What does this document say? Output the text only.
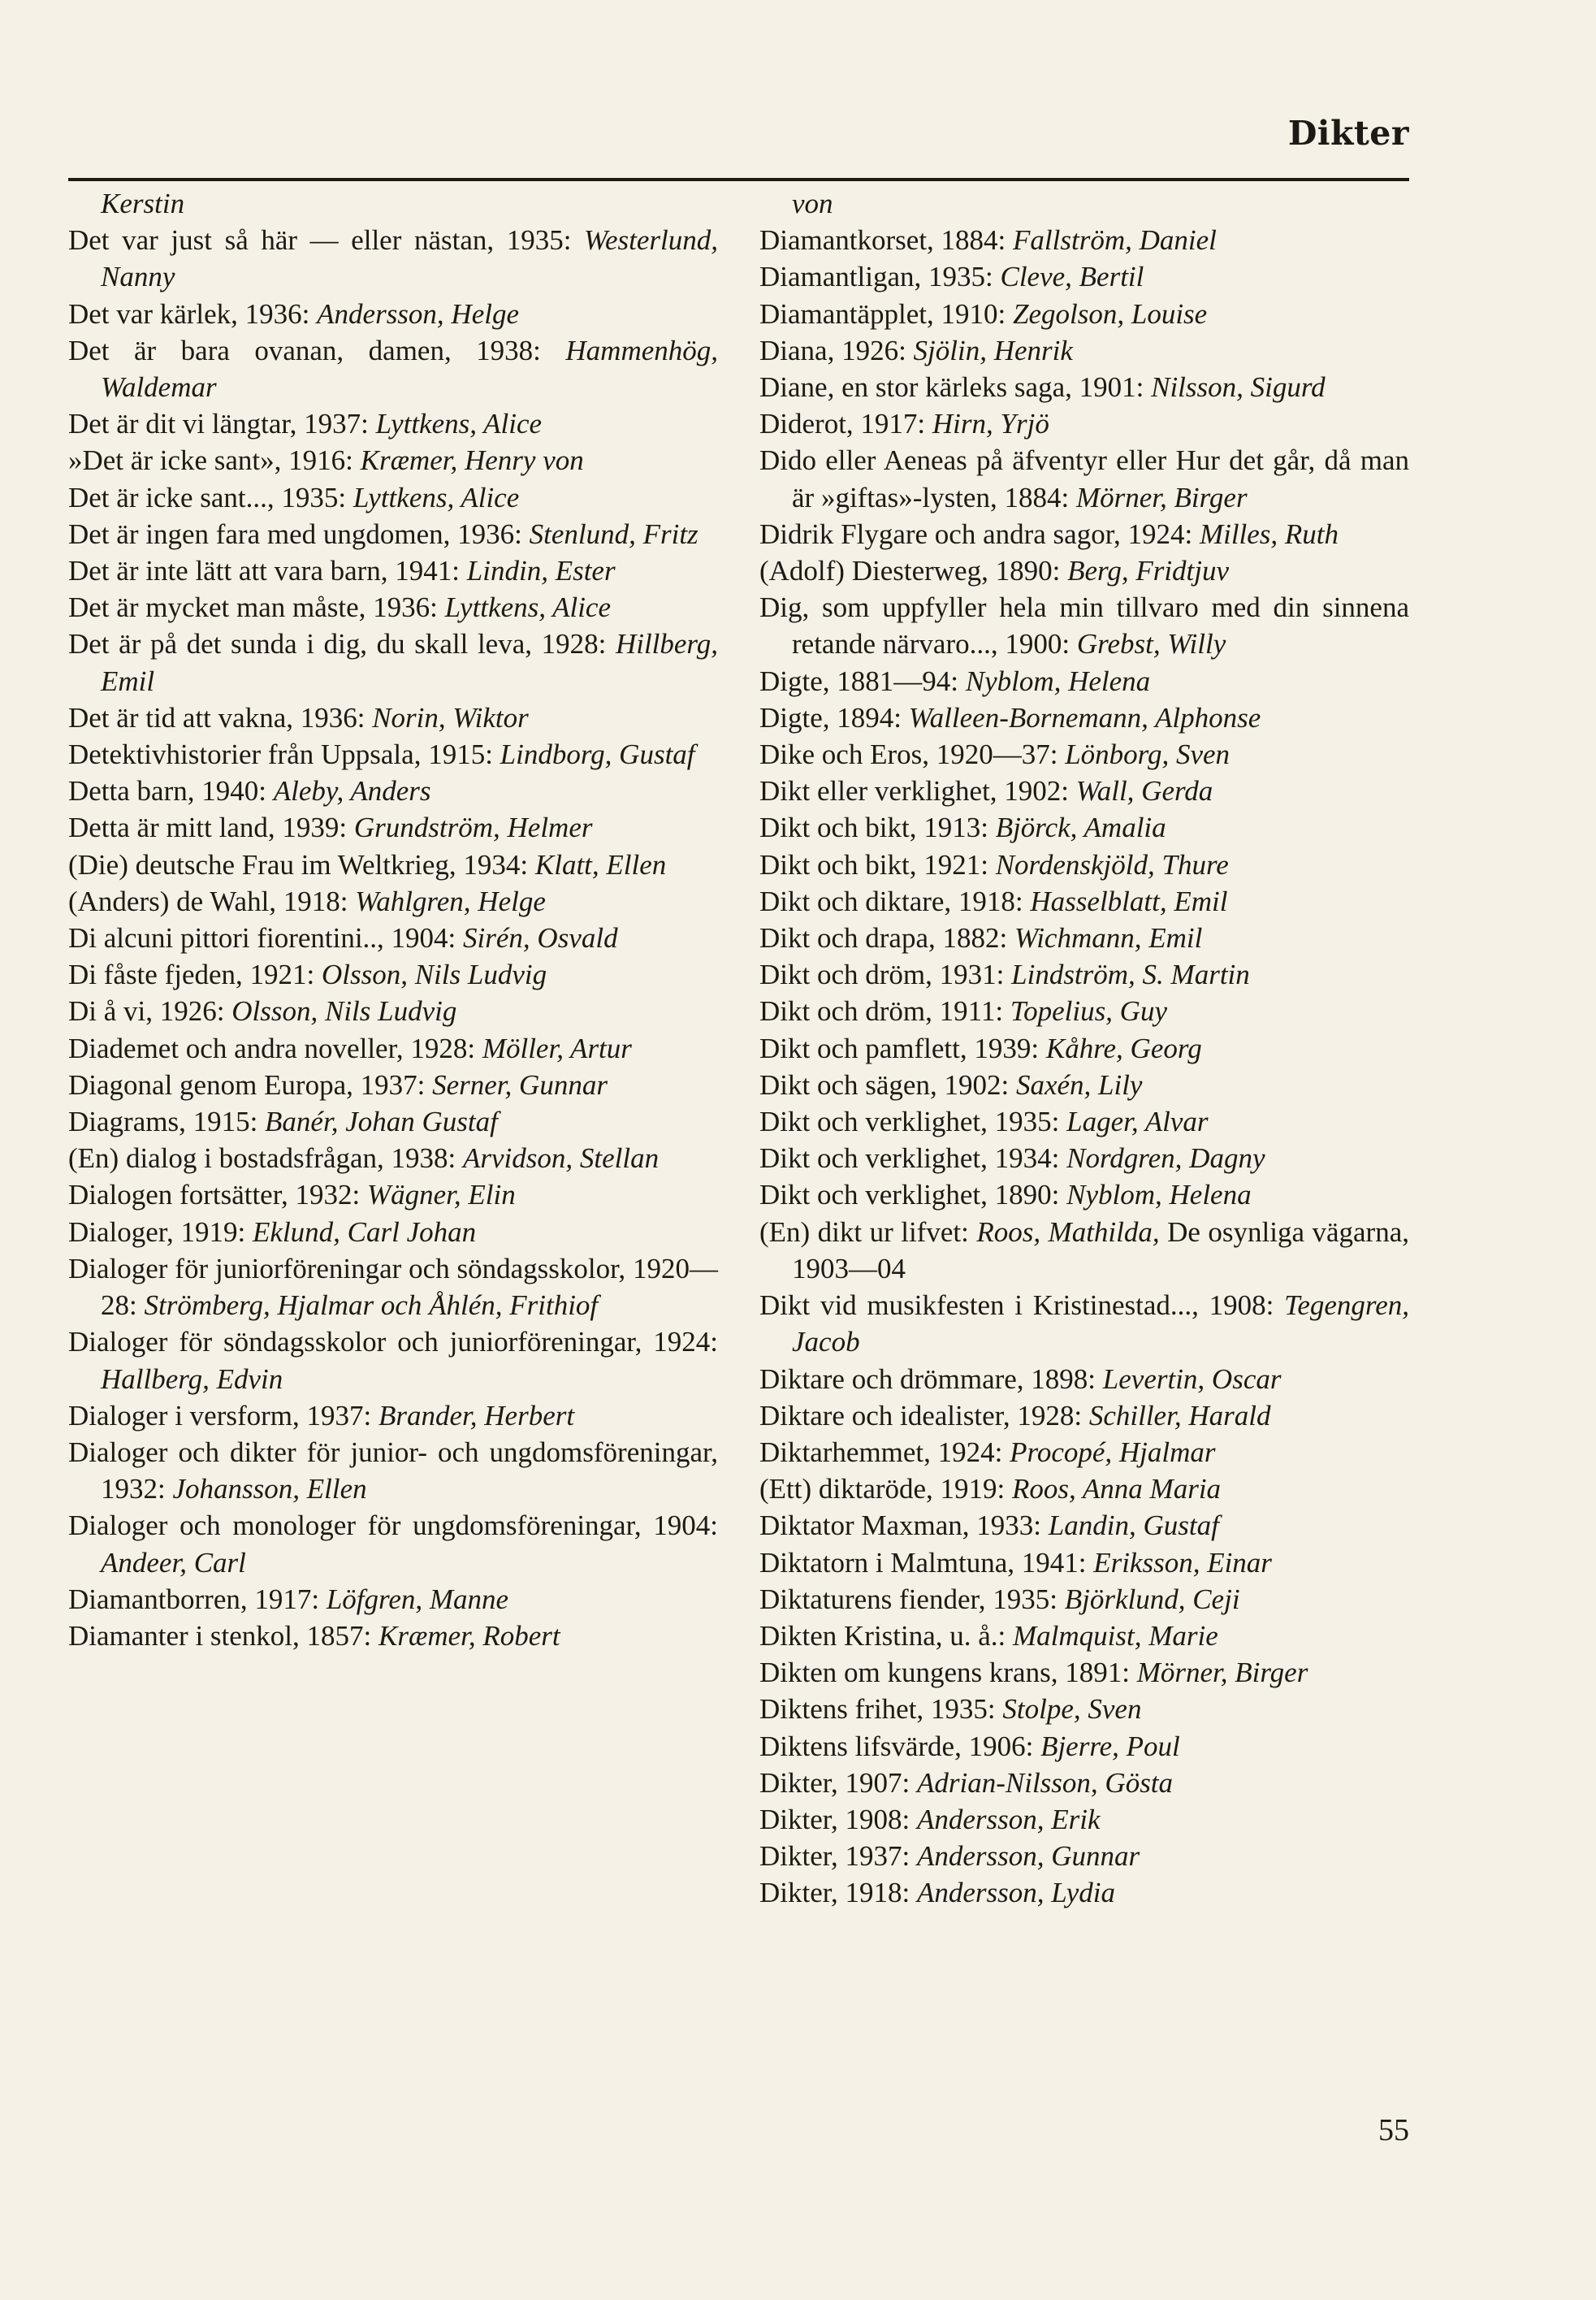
Dikter
Kerstin
Det var just så här — eller nästan, 1935: Westerlund, Nanny
Det var kärlek, 1936: Andersson, Helge
Det är bara ovanan, damen, 1938: Hammenhög, Waldemar
Det är dit vi längtar, 1937: Lyttkens, Alice
»Det är icke sant», 1916: Kræmer, Henry von
Det är icke sant..., 1935: Lyttkens, Alice
Det är ingen fara med ungdomen, 1936: Stenlund, Fritz
Det är inte lätt att vara barn, 1941: Lindin, Ester
Det är mycket man måste, 1936: Lyttkens, Alice
Det är på det sunda i dig, du skall leva, 1928: Hillberg, Emil
Det är tid att vakna, 1936: Norin, Wiktor
Detektivhistorier från Uppsala, 1915: Lindborg, Gustaf
Detta barn, 1940: Aleby, Anders
Detta är mitt land, 1939: Grundström, Helmer
(Die) deutsche Frau im Weltkrieg, 1934: Klatt, Ellen
(Anders) de Wahl, 1918: Wahlgren, Helge
Di alcuni pittori fiorentini.., 1904: Sirén, Osvald
Di fåste fjeden, 1921: Olsson, Nils Ludvig
Di å vi, 1926: Olsson, Nils Ludvig
Diademet och andra noveller, 1928: Möller, Artur
Diagonal genom Europa, 1937: Serner, Gunnar
Diagrams, 1915: Banér, Johan Gustaf
(En) dialog i bostadsfrågan, 1938: Arvidson, Stellan
Dialogen fortsätter, 1932: Wägner, Elin
Dialoger, 1919: Eklund, Carl Johan
Dialoger för juniorföreningar och söndagsskolor, 1920—28: Strömberg, Hjalmar och Åhlén, Frithiof
Dialoger för söndagsskolor och juniorföreningar, 1924: Hallberg, Edvin
Dialoger i versform, 1937: Brander, Herbert
Dialoger och dikter för junior- och ungdomsföreningar, 1932: Johansson, Ellen
Dialoger och monologer för ungdomsföreningar, 1904: Andeer, Carl
Diamantborren, 1917: Löfgren, Manne
Diamanter i stenkol, 1857: Kræmer, Robert
von
Diamantkorset, 1884: Fallström, Daniel
Diamantligan, 1935: Cleve, Bertil
Diamantäpplet, 1910: Zegolson, Louise
Diana, 1926: Sjölin, Henrik
Diane, en stor kärleks saga, 1901: Nilsson, Sigurd
Diderot, 1917: Hirn, Yrjö
Dido eller Aeneas på äfventyr eller Hur det går, då man är »giftas»-lysten, 1884: Mörner, Birger
Didrik Flygare och andra sagor, 1924: Milles, Ruth
(Adolf) Diesterweg, 1890: Berg, Fridtjuv
Dig, som uppfyller hela min tillvaro med din sinnena retande närvaro..., 1900: Grebst, Willy
Digte, 1881—94: Nyblom, Helena
Digte, 1894: Walleen-Bornemann, Alphonse
Dike och Eros, 1920—37: Lönborg, Sven
Dikt eller verklighet, 1902: Wall, Gerda
Dikt och bikt, 1913: Björck, Amalia
Dikt och bikt, 1921: Nordenskjöld, Thure
Dikt och diktare, 1918: Hasselblatt, Emil
Dikt och drapa, 1882: Wichmann, Emil
Dikt och dröm, 1931: Lindström, S. Martin
Dikt och dröm, 1911: Topelius, Guy
Dikt och pamflett, 1939: Kåhre, Georg
Dikt och sägen, 1902: Saxén, Lily
Dikt och verklighet, 1935: Lager, Alvar
Dikt och verklighet, 1934: Nordgren, Dagny
Dikt och verklighet, 1890: Nyblom, Helena
(En) dikt ur lifvet: Roos, Mathilda, De osynliga vägarna, 1903—04
Dikt vid musikfesten i Kristinestad..., 1908: Tegengren, Jacob
Diktare och drömmare, 1898: Levertin, Oscar
Diktare och idealister, 1928: Schiller, Harald
Diktarhemmet, 1924: Procopé, Hjalmar
(Ett) diktaröde, 1919: Roos, Anna Maria
Diktator Maxman, 1933: Landin, Gustaf
Diktatorn i Malmtuna, 1941: Eriksson, Einar
Diktaturens fiender, 1935: Björklund, Ceji
Dikten Kristina, u. å.: Malmquist, Marie
Dikten om kungens krans, 1891: Mörner, Birger
Diktens frihet, 1935: Stolpe, Sven
Diktens lifsvärde, 1906: Bjerre, Poul
Dikter, 1907: Adrian-Nilsson, Gösta
Dikter, 1908: Andersson, Erik
Dikter, 1937: Andersson, Gunnar
Dikter, 1918: Andersson, Lydia
55
